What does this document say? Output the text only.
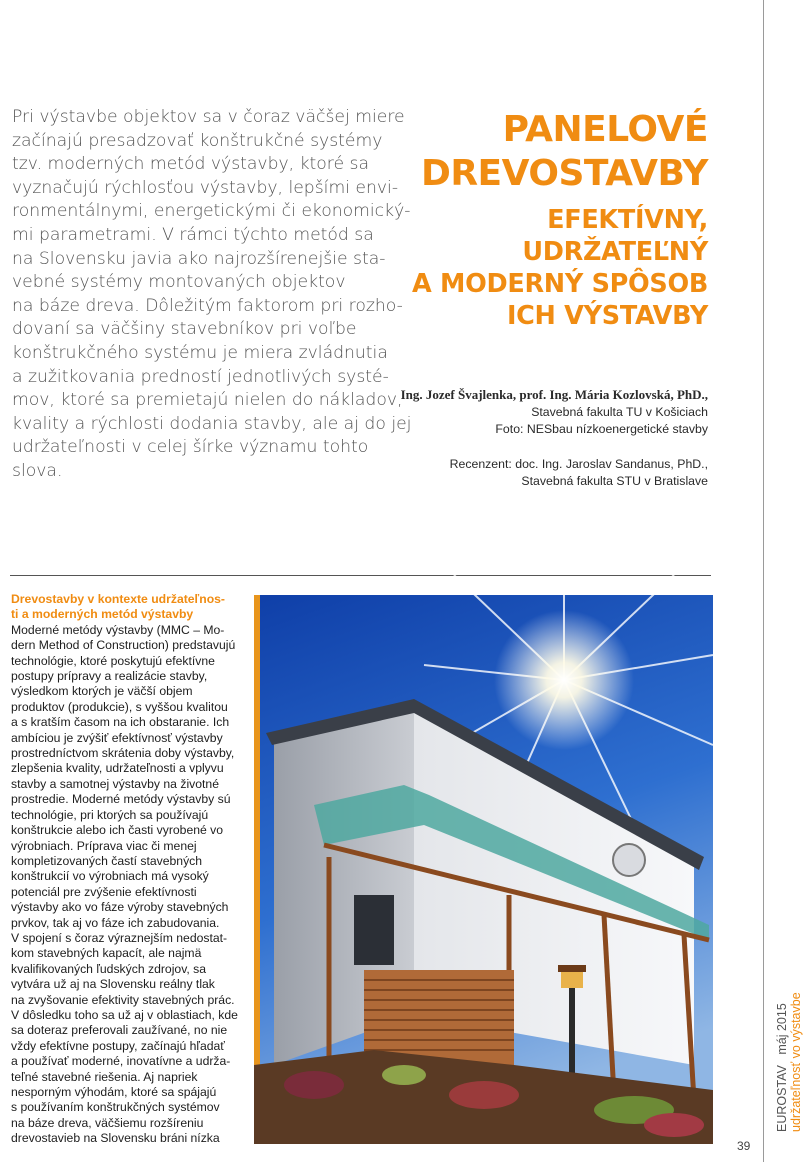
Pri výstavbe objektov sa v čoraz väčšej miere
začínajú presadzovať konštrukčné systémy
tzv. moderných metód výstavby, ktoré sa
vyznačujú rýchlosťou výstavby, lepšími envi-
ronmentálnymi, energetickými či ekonomický-
mi parametrami. V rámci týchto metód sa
na Slovensku javia ako najrozšírenejšie sta-
vebné systémy montovaných objektov
na báze dreva. Dôležitým faktorom pri rozho-
dovaní sa väčšiny stavebníkov pri voľbe
konštrukčného systému je miera zvládnutia
a zužitkovania predností jednotlivých systé-
mov, ktoré sa premietajú nielen do nákladov,
kvality a rýchlosti dodania stavby, ale aj do jej
udržateľnosti v celej šírke významu tohto
slova.
PANELOVÉ
DREVOSTAVBY
EFEKTÍVNY,
UDRŽATEĽNÝ
A MODERNÝ SPÔSOB
ICH VÝSTAVBY
Ing. Jozef Švajlenka, prof. Ing. Mária Kozlovská, PhD.,
Stavebná fakulta TU v Košiciach
Foto: NESbau nízkoenergetické stavby
Recenzent: doc. Ing. Jaroslav Sandanus, PhD.,
Stavebná fakulta STU v Bratislave
Drevostavby v kontexte udržateľnos-
ti a moderných metód výstavby
Moderné metódy výstavby (MMC – Mo-
dern Method of Construction) predstavujú
technológie, ktoré poskytujú efektívne
postupy prípravy a realizácie stavby,
výsledkom ktorých je väčší objem
produktov (produkcie), s vyššou kvalitou
a s kratším časom na ich obstaranie. Ich
ambíciou je zvýšiť efektívnosť výstavby
prostredníctvom skrátenia doby výstavby,
zlepšenia kvality, udržateľnosti a vplyvu
stavby a samotnej výstavby na životné
prostredie. Moderné metódy výstavby sú
technológie, pri ktorých sa používajú
konštrukcie alebo ich časti vyrobené vo
výrobniach. Príprava viac či menej
kompletizovaných častí stavebných
konštrukcií vo výrobniach má vysoký
potenciál pre zvýšenie efektívnosti
výstavby ako vo fáze výroby stavebných
prvkov, tak aj vo fáze ich zabudovania.
V spojení s čoraz výraznejším nedostat-
kom stavebných kapacít, ale najmä
kvalifikovaných ľudských zdrojov, sa
vytvára už aj na Slovensku reálny tlak
na zvyšovanie efektivity stavebných prác.
V dôsledku toho sa už aj v oblastiach, kde
sa doteraz preferovali zaužívané, no nie
vždy efektívne postupy, začínajú hľadať
a používať moderné, inovatívne a udrža-
teľné stavebné riešenia. Aj napriek
nesporným výhodám, ktoré sa spájajú
s používaním konštrukčných systémov
na báze dreva, väčšiemu rozšíreniu
drevostavieb na Slovensku bráni nízka
EUROSTAV   máj 2015 udržateľnosť vo výstavbe
39
